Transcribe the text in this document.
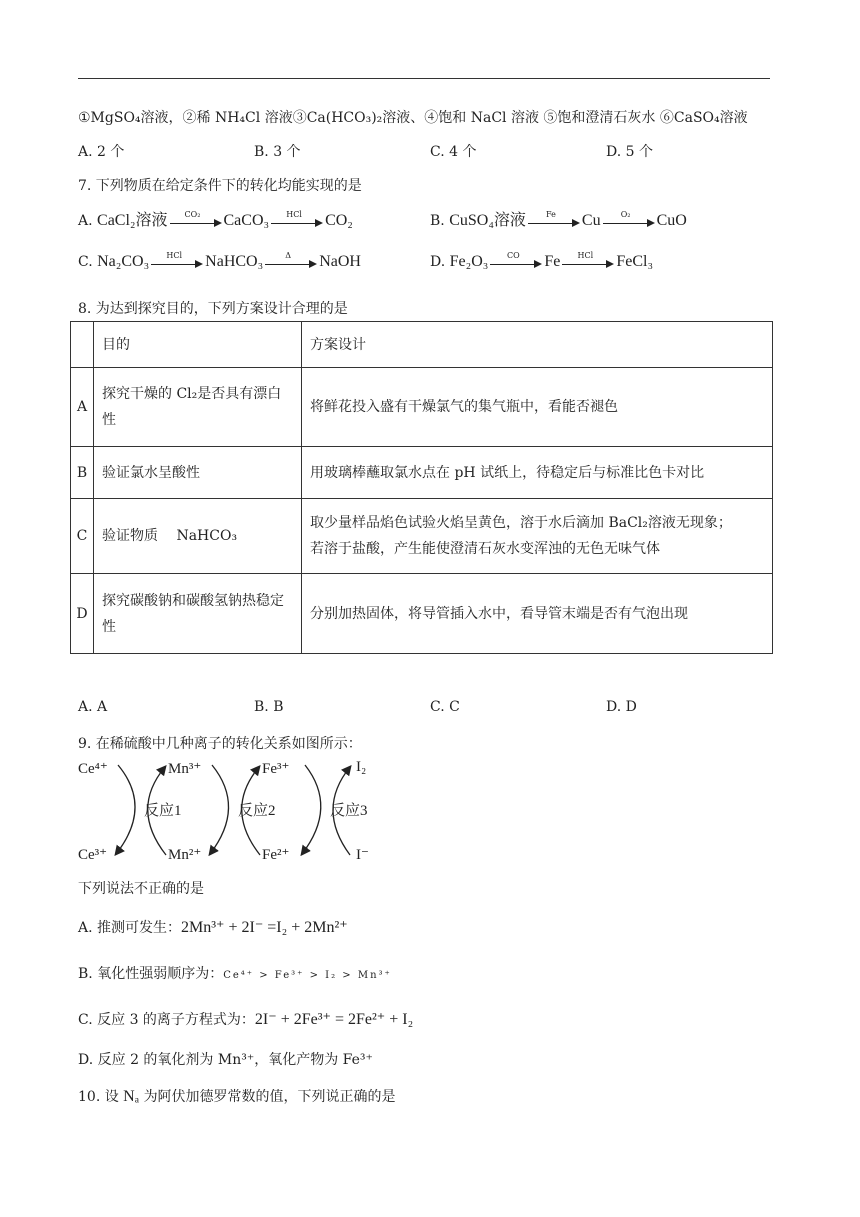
①MgSO₄溶液，②稀 NH₄Cl 溶液③Ca(HCO₃)₂溶液、④饱和 NaCl 溶液 ⑤饱和澄清石灰水 ⑥CaSO₄溶液
A. 2 个	B. 3 个	C. 4 个	D. 5 个
7. 下列物质在给定条件下的转化均能实现的是
A. CaCl₂溶液	CO₂	CaCO₃	HCl	CO₂	B. CuSO₄溶液	Fe	Cu	O₂	CuO
C. Na₂CO₃	HCl	NaHCO₃	Δ	NaOH	D. Fe₂O₃	CO	Fe	HCl	FeCl₃
8. 为达到探究目的，下列方案设计合理的是
	目的	方案设计
A	探究干燥的 Cl₂是否具有漂白
性	将鲜花投入盛有干燥氯气的集气瓶中，看能否褪色
B	验证氯水呈酸性	用玻璃棒蘸取氯水点在 pH 试纸上，待稳定后与标准比色卡对比
C	验证物质　 NaHCO₃	取少量样品焰色试验火焰呈黄色，溶于水后滴加 BaCl₂溶液无现象；
若溶于盐酸，产生能使澄清石灰水变浑浊的无色无味气体
D	探究碳酸钠和碳酸氢钠热稳定
性	分别加热固体，将导管插入水中，看导管末端是否有气泡出现
A. A	B. B	C. C	D. D
9. 在稀硫酸中几种离子的转化关系如图所示：
Ce⁴⁺	Mn³⁺	Fe³⁺	I₂
Ce³⁺	Mn²⁺	Fe²⁺	I⁻
反应1	反应2	反应3
下列说法不正确的是
A. 推测可发生：2Mn³⁺ + 2I⁻ =I₂ + 2Mn²⁺
B. 氧化性强弱顺序为：Ce⁴⁺ > Fe³⁺ > I₂ > Mn³⁺
C. 反应 3 的离子方程式为：2I⁻ + 2Fe³⁺ = 2Fe²⁺ + I₂
D. 反应 2 的氧化剂为 Mn³⁺，氧化产物为 Fe³⁺
10. 设 Nₐ 为阿伏加德罗常数的值，下列说正确的是
